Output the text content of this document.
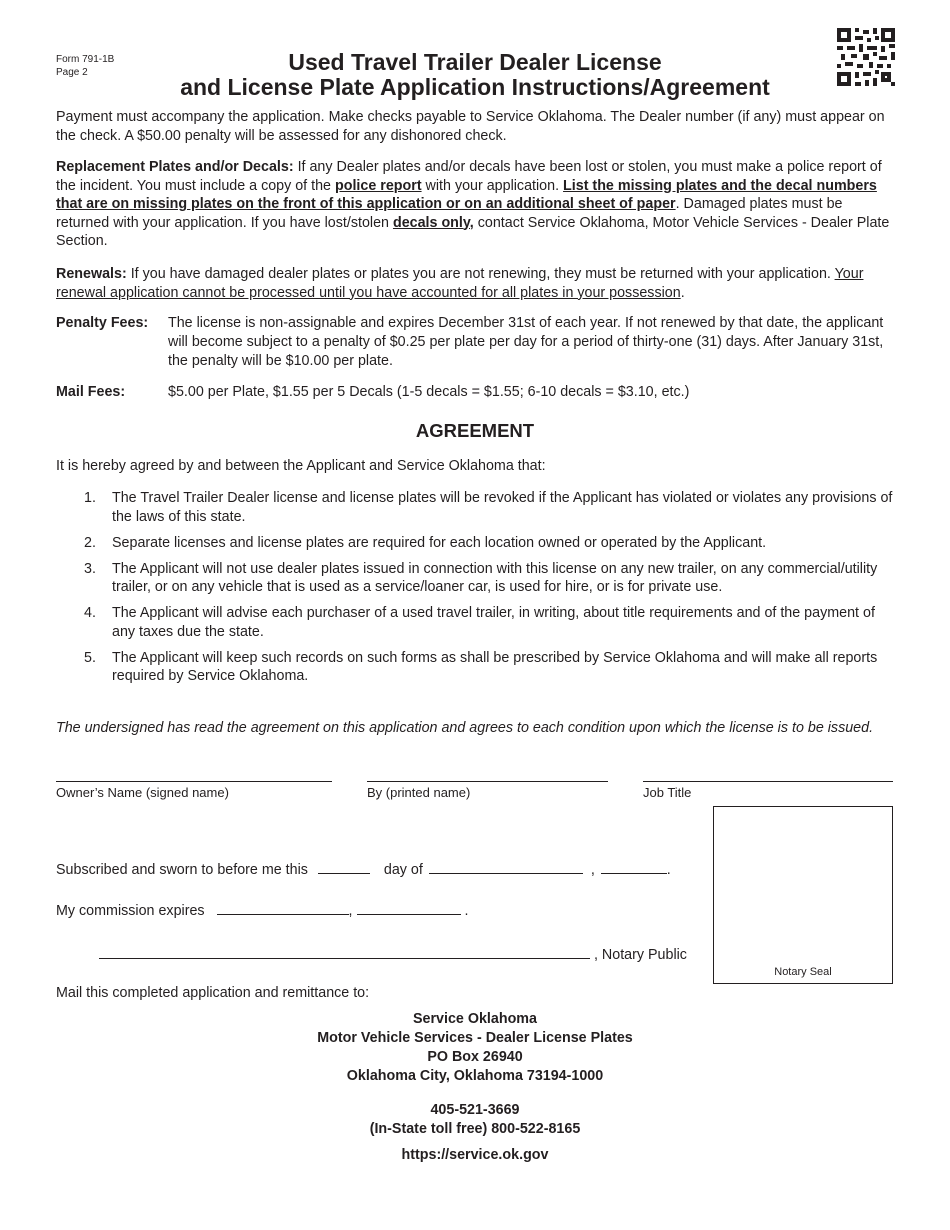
Form 791-1B
Page 2	Used Travel Trailer Dealer License
and License Plate Application Instructions/Agreement
Payment must accompany the application. Make checks payable to Service Oklahoma. The Dealer number (if any) must appear on the check. A $50.00 penalty will be assessed for any dishonored check.
Replacement Plates and/or Decals: If any Dealer plates and/or decals have been lost or stolen, you must make a police report of the incident. You must include a copy of the police report with your application. List the missing plates and the decal numbers that are on missing plates on the front of this application or on an additional sheet of paper. Damaged plates must be returned with your application. If you have lost/stolen decals only, contact Service Oklahoma, Motor Vehicle Services - Dealer Plate Section.
Renewals: If you have damaged dealer plates or plates you are not renewing, they must be returned with your application. Your renewal application cannot be processed until you have accounted for all plates in your possession.
Penalty Fees: The license is non-assignable and expires December 31st of each year. If not renewed by that date, the applicant will become subject to a penalty of $0.25 per plate per day for a period of thirty-one (31) days. After January 31st, the penalty will be $10.00 per plate.
Mail Fees:	$5.00 per Plate, $1.55 per 5 Decals (1-5 decals = $1.55; 6-10 decals = $3.10, etc.)
AGREEMENT
It is hereby agreed by and between the Applicant and Service Oklahoma that:
1. The Travel Trailer Dealer license and license plates will be revoked if the Applicant has violated or violates any provisions of the laws of this state.
2. Separate licenses and license plates are required for each location owned or operated by the Applicant.
3. The Applicant will not use dealer plates issued in connection with this license on any new trailer, on any commercial/utility trailer, or on any vehicle that is used as a service/loaner car, is used for hire, or is for private use.
4. The Applicant will advise each purchaser of a used travel trailer, in writing, about title requirements and of the payment of any taxes due the state.
5. The Applicant will keep such records on such forms as shall be prescribed by Service Oklahoma and will make all reports required by Service Oklahoma.
The undersigned has read the agreement on this application and agrees to each condition upon which the license is to be issued.
Owner’s Name (signed name)	By (printed name)	Job Title
Subscribed and sworn to before me this	day of	,	.
My commission expires	,	.
, Notary Public
Notary Seal
Mail this completed application and remittance to:
Service Oklahoma
Motor Vehicle Services - Dealer License Plates
PO Box 26940
Oklahoma City, Oklahoma 73194-1000
405-521-3669
(In-State toll free) 800-522-8165
https://service.ok.gov
